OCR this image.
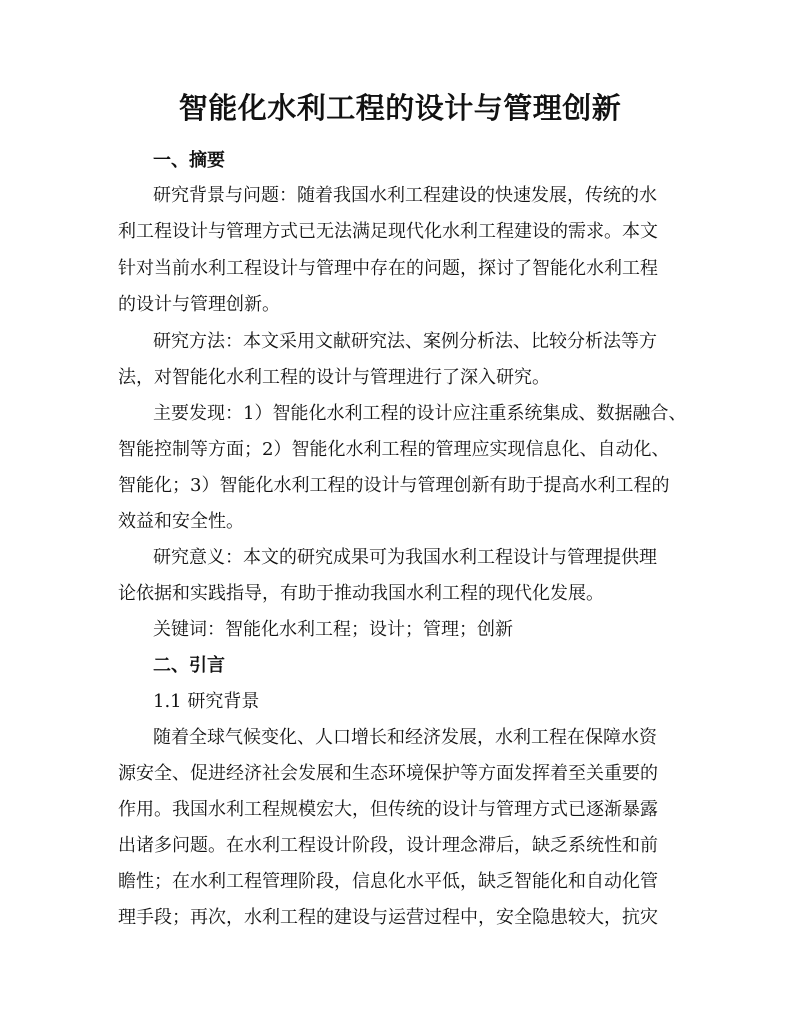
智能化水利工程的设计与管理创新
一、摘要
研究背景与问题：随着我国水利工程建设的快速发展，传统的水
利工程设计与管理方式已无法满足现代化水利工程建设的需求。本文
针对当前水利工程设计与管理中存在的问题，探讨了智能化水利工程
的设计与管理创新。
研究方法：本文采用文献研究法、案例分析法、比较分析法等方
法，对智能化水利工程的设计与管理进行了深入研究。
主要发现：1）智能化水利工程的设计应注重系统集成、数据融合、
智能控制等方面；2）智能化水利工程的管理应实现信息化、自动化、
智能化；3）智能化水利工程的设计与管理创新有助于提高水利工程的
效益和安全性。
研究意义：本文的研究成果可为我国水利工程设计与管理提供理
论依据和实践指导，有助于推动我国水利工程的现代化发展。
关键词：智能化水利工程；设计；管理；创新
二、引言
1.1 研究背景
随着全球气候变化、人口增长和经济发展，水利工程在保障水资
源安全、促进经济社会发展和生态环境保护等方面发挥着至关重要的
作用。我国水利工程规模宏大，但传统的设计与管理方式已逐渐暴露
出诸多问题。在水利工程设计阶段，设计理念滞后，缺乏系统性和前
瞻性；在水利工程管理阶段，信息化水平低，缺乏智能化和自动化管
理手段；再次，水利工程的建设与运营过程中，安全隐患较大，抗灾
